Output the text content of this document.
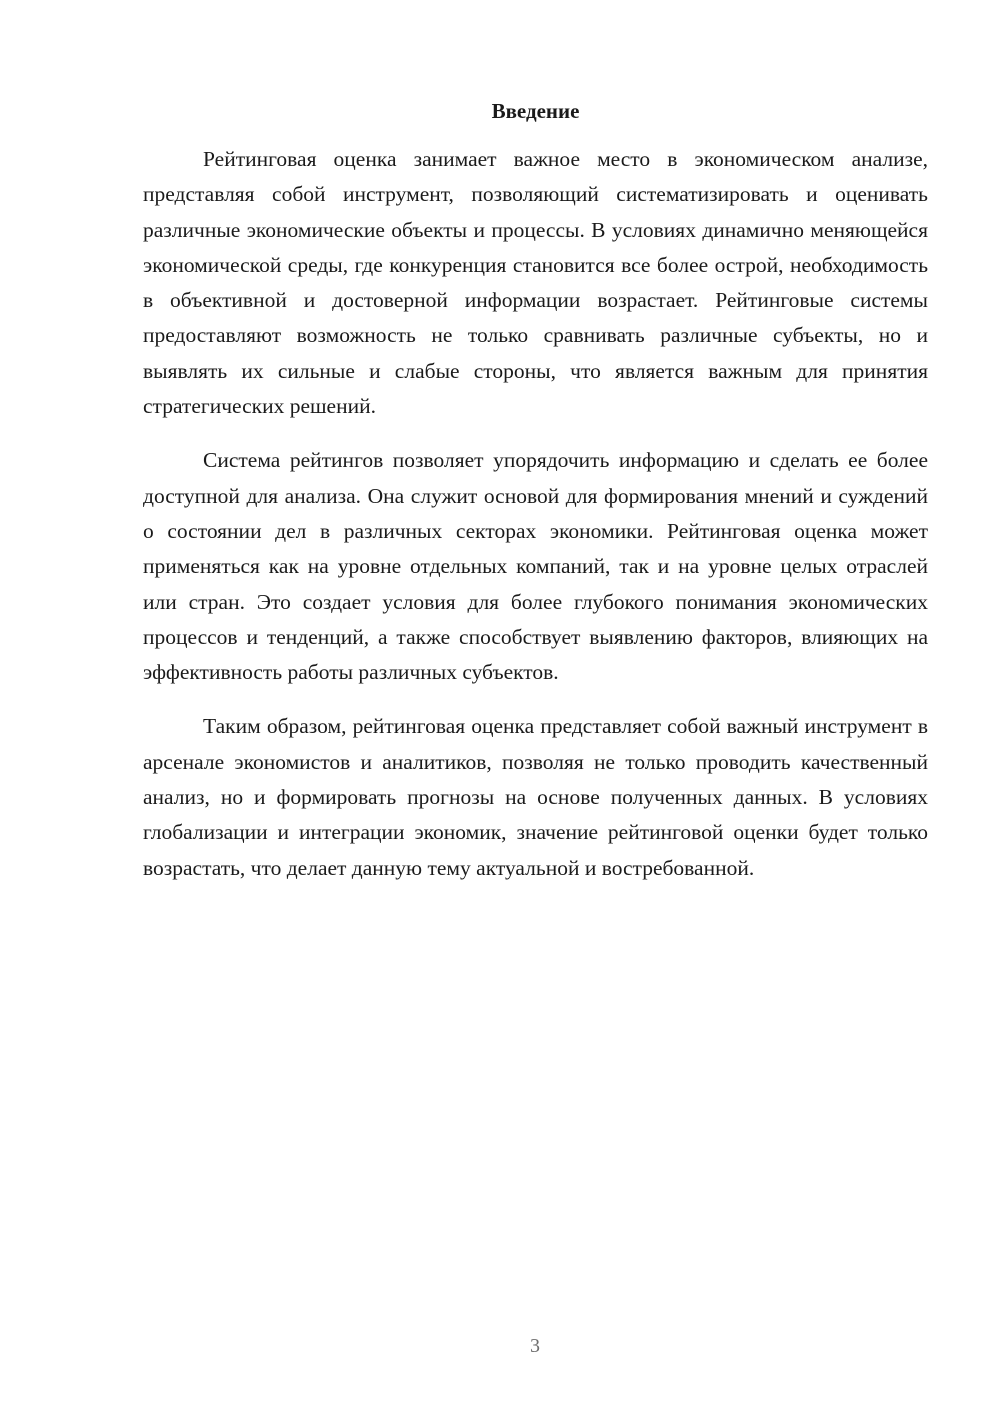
Введение

Рейтинговая оценка занимает важное место в экономическом анализе, представляя собой инструмент, позволяющий систематизировать и оценивать различные экономические объекты и процессы. В условиях динамично меняющейся экономической среды, где конкуренция становится все более острой, необходимость в объективной и достоверной информации возрастает. Рейтинговые системы предоставляют возможность не только сравнивать различные субъекты, но и выявлять их сильные и слабые стороны, что является важным для принятия стратегических решений.

Система рейтингов позволяет упорядочить информацию и сделать ее более доступной для анализа. Она служит основой для формирования мнений и суждений о состоянии дел в различных секторах экономики. Рейтинговая оценка может применяться как на уровне отдельных компаний, так и на уровне целых отраслей или стран. Это создает условия для более глубокого понимания экономических процессов и тенденций, а также способствует выявлению факторов, влияющих на эффективность работы различных субъектов.

Таким образом, рейтинговая оценка представляет собой важный инструмент в арсенале экономистов и аналитиков, позволяя не только проводить качественный анализ, но и формировать прогнозы на основе полученных данных. В условиях глобализации и интеграции экономик, значение рейтинговой оценки будет только возрастать, что делает данную тему актуальной и востребованной.

3
